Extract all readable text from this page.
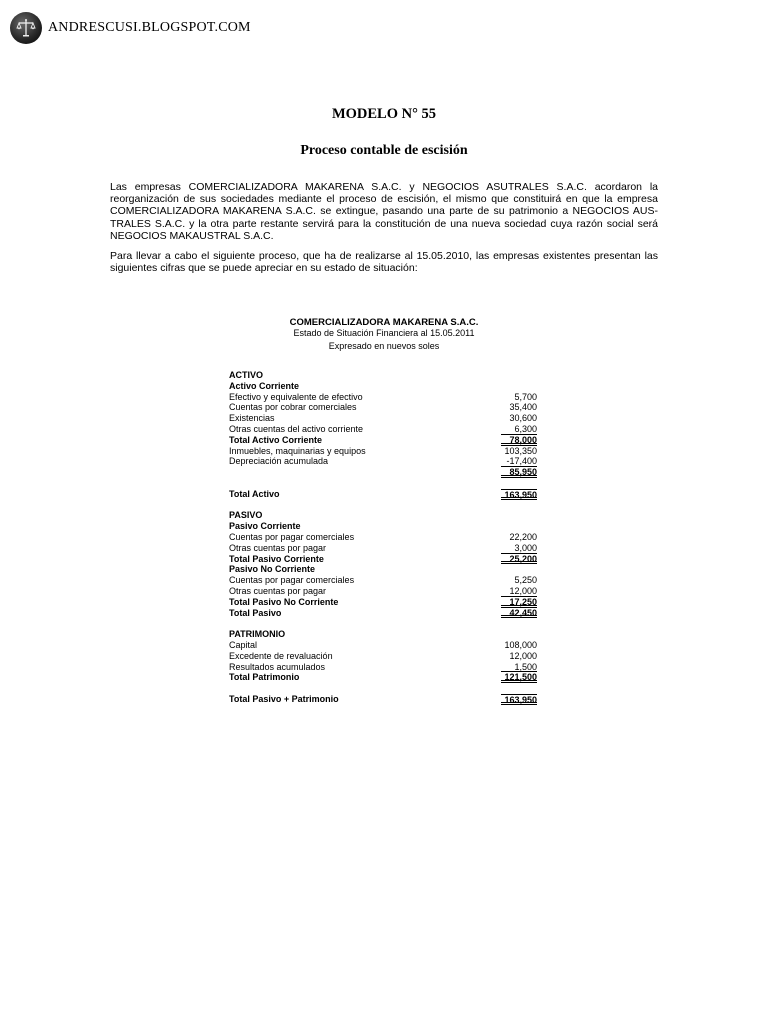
ANDRESCUSI.BLOGSPOT.COM
MODELO N° 55
Proceso contable de escisión

Las empresas COMERCIALIZADORA MAKARENA S.A.C. y NEGOCIOS ASUTRALES S.A.C. acordaron la reorganización de sus sociedades mediante el proceso de escisión, el mismo que constituirá en que la empresa COMERCIALIZADORA MAKARENA S.A.C. se extingue, pasando una parte de su patrimonio a NEGOCIOS AUS-TRALES S.A.C. y la otra parte restante servirá para la constitución de una nueva sociedad cuya razón social será NEGOCIOS MAKAUSTRAL S.A.C.

Para llevar a cabo el siguiente proceso, que ha de realizarse al 15.05.2010, las empresas existentes presentan las siguientes cifras que se puede apreciar en su estado de situación:

COMERCIALIZADORA MAKARENA S.A.C.
Estado de Situación Financiera al 15.05.2011
Expresado en nuevos soles
ACTIVO
Activo Corriente
Efectivo y equivalente de efectivo	5,700
Cuentas por cobrar comerciales	35,400
Existencias	30,600
Otras cuentas del activo corriente	6,300
Total Activo Corriente	78,000
Inmuebles, maquinarias y equipos	103,350
Depreciación acumulada	-17,400
85,950
Total Activo	163,950
PASIVO
Pasivo Corriente
Cuentas por pagar comerciales	22,200
Otras cuentas por pagar	3,000
Total Pasivo Corriente	25,200
Pasivo No Corriente
Cuentas por pagar comerciales	5,250
Otras cuentas por pagar	12,000
Total Pasivo No Corriente	17,250
Total Pasivo	42,450
PATRIMONIO
Capital	108,000
Excedente de revaluación	12,000
Resultados acumulados	1,500
Total Patrimonio	121,500
Total Pasivo + Patrimonio	163,950
